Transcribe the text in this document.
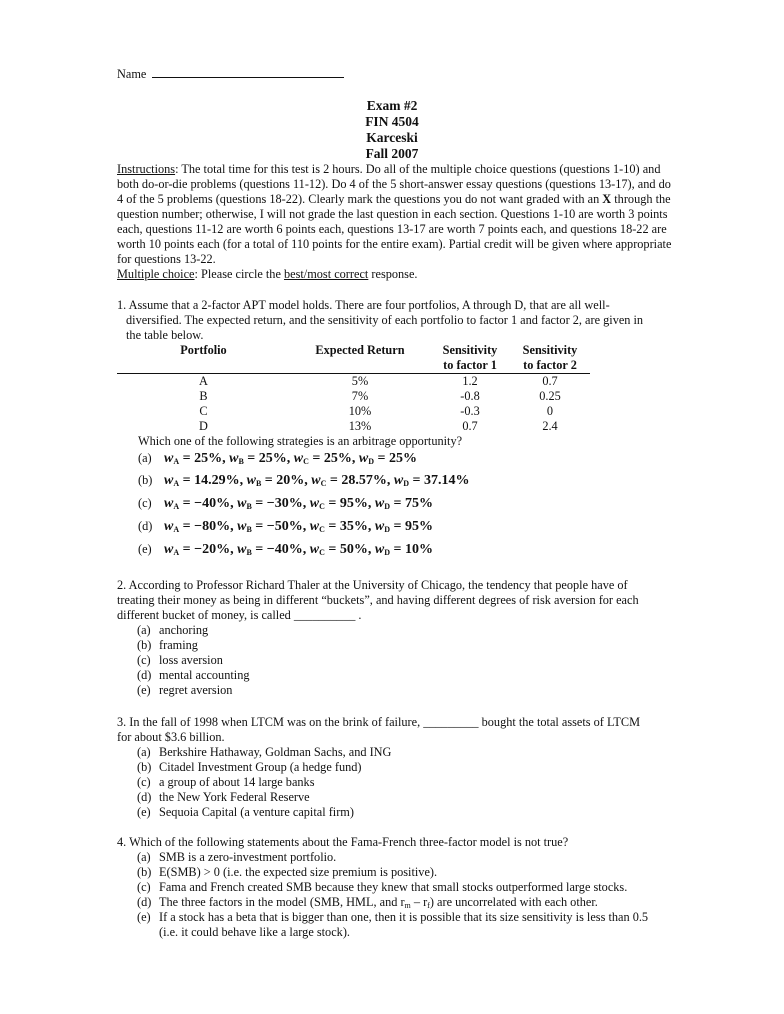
Name
Exam #2
FIN 4504
Karceski
Fall 2007
Instructions: The total time for this test is 2 hours. Do all of the multiple choice questions (questions 1-10) and both do-or-die problems (questions 11-12). Do 4 of the 5 short-answer essay questions (questions 13-17), and do 4 of the 5 problems (questions 18-22). Clearly mark the questions you do not want graded with an X through the question number; otherwise, I will not grade the last question in each section. Questions 1-10 are worth 3 points each, questions 11-12 are worth 6 points each, questions 13-17 are worth 7 points each, and questions 18-22 are worth 10 points each (for a total of 110 points for the entire exam). Partial credit will be given where appropriate for questions 13-22.
Multiple choice: Please circle the best/most correct response.
1. Assume that a 2-factor APT model holds. There are four portfolios, A through D, that are all well-
diversified. The expected return, and the sensitivity of each portfolio to factor 1 and factor 2, are given in
the table below.
Portfolio	Expected Return	Sensitivity	Sensitivity
		to factor 1	to factor 2
A	5%	1.2	0.7
B	7%	-0.8	0.25
C	10%	-0.3	0
D	13%	0.7	2.4
Which one of the following strategies is an arbitrage opportunity?
(a) $w_A = 25\%$, $w_B = 25\%$, $w_C = 25\%$, $w_D = 25\%$
(b) $w_A = 14.29\%$, $w_B = 20\%$, $w_C = 28.57\%$, $w_D = 37.14\%$
(c) $w_A = -40\%$, $w_B = -30\%$, $w_C = 95\%$, $w_D = 75\%$
(d) $w_A = -80\%$, $w_B = -50\%$, $w_C = 35\%$, $w_D = 95\%$
(e) $w_A = -20\%$, $w_B = -40\%$, $w_C = 50\%$, $w_D = 10\%$
2. According to Professor Richard Thaler at the University of Chicago, the tendency that people have of
treating their money as being in different “buckets”, and having different degrees of risk aversion for each
different bucket of money, is called __________ .
(a) anchoring
(b) framing
(c) loss aversion
(d) mental accounting
(e) regret aversion
3. In the fall of 1998 when LTCM was on the brink of failure, _________ bought the total assets of LTCM
for about $3.6 billion.
(a) Berkshire Hathaway, Goldman Sachs, and ING
(b) Citadel Investment Group (a hedge fund)
(c) a group of about 14 large banks
(d) the New York Federal Reserve
(e) Sequoia Capital (a venture capital firm)
4. Which of the following statements about the Fama-French three-factor model is not true?
(a) SMB is a zero-investment portfolio.
(b) E(SMB) > 0 (i.e. the expected size premium is positive).
(c) Fama and French created SMB because they knew that small stocks outperformed large stocks.
(d) The three factors in the model (SMB, HML, and $r_m - r_f$) are uncorrelated with each other.
(e) If a stock has a beta that is bigger than one, then it is possible that its size sensitivity is less than 0.5
(i.e. it could behave like a large stock).
